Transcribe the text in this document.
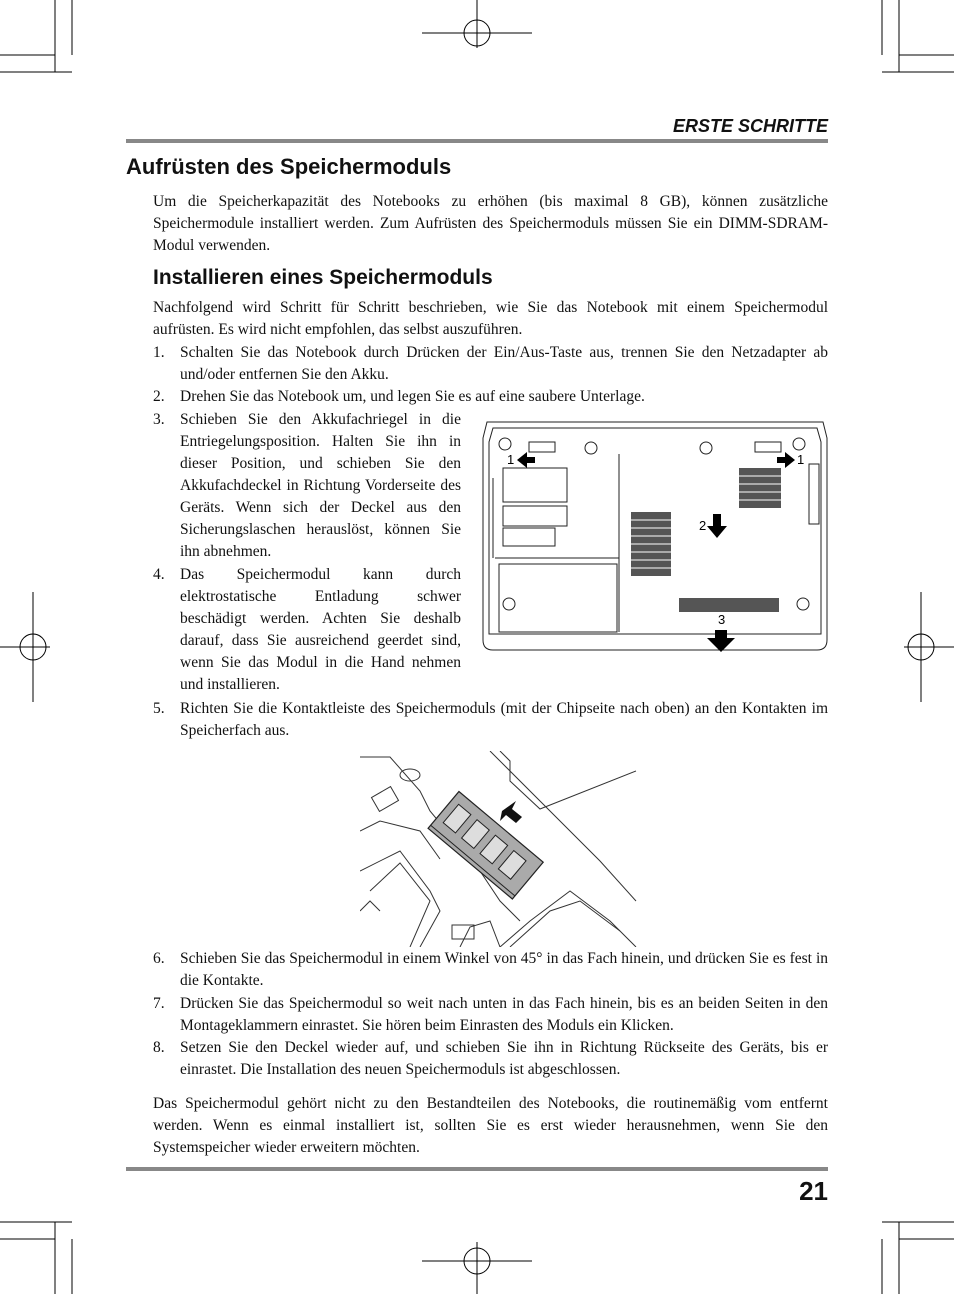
ERSTE SCHRITTE
Aufrüsten des Speichermoduls
Um die Speicherkapazität des Notebooks zu erhöhen (bis maximal 8 GB), können zusätzliche Speichermodule installiert werden. Zum Aufrüsten des Speichermoduls müssen Sie ein DIMM-SDRAM-Modul verwenden.
Installieren eines Speichermoduls
Nachfolgend wird Schritt für Schritt beschrieben, wie Sie das Notebook mit einem Speichermodul aufrüsten. Es wird nicht empfohlen, das selbst auszuführen.
1. Schalten Sie das Notebook durch Drücken der Ein/Aus-Taste aus, trennen Sie den Netzadapter ab und/oder entfernen Sie den Akku.
2. Drehen Sie das Notebook um, und legen Sie es auf eine saubere Unterlage.
3. Schieben Sie den Akkufachriegel in die Entriegelungsposition. Halten Sie ihn in dieser Position, und schieben Sie den Akkufachdeckel in Richtung Vorderseite des Geräts. Wenn sich der Deckel aus den Sicherungslaschen herauslöst, können Sie ihn abnehmen.
4. Das Speichermodul kann durch elektrostatische Entladung schwer beschädigt werden. Achten Sie deshalb darauf, dass Sie ausreichend geerdet sind, wenn Sie das Modul in die Hand nehmen und installieren.
1	1
2
3
5. Richten Sie die Kontaktleiste des Speichermoduls (mit der Chipseite nach oben) an den Kontakten im Speicherfach aus.
6. Schieben Sie das Speichermodul in einem Winkel von 45° in das Fach hinein, und drücken Sie es fest in die Kontakte.
7. Drücken Sie das Speichermodul so weit nach unten in das Fach hinein, bis es an beiden Seiten in den Montageklammern einrastet. Sie hören beim Einrasten des Moduls ein Klicken.
8. Setzen Sie den Deckel wieder auf, und schieben Sie ihn in Richtung Rückseite des Geräts, bis er einrastet. Die Installation des neuen Speichermoduls ist abgeschlossen.
Das Speichermodul gehört nicht zu den Bestandteilen des Notebooks, die routinemäßig vom entfernt werden. Wenn es einmal installiert ist, sollten Sie es erst wieder herausnehmen, wenn Sie den Systemspeicher wieder erweitern möchten.
21
